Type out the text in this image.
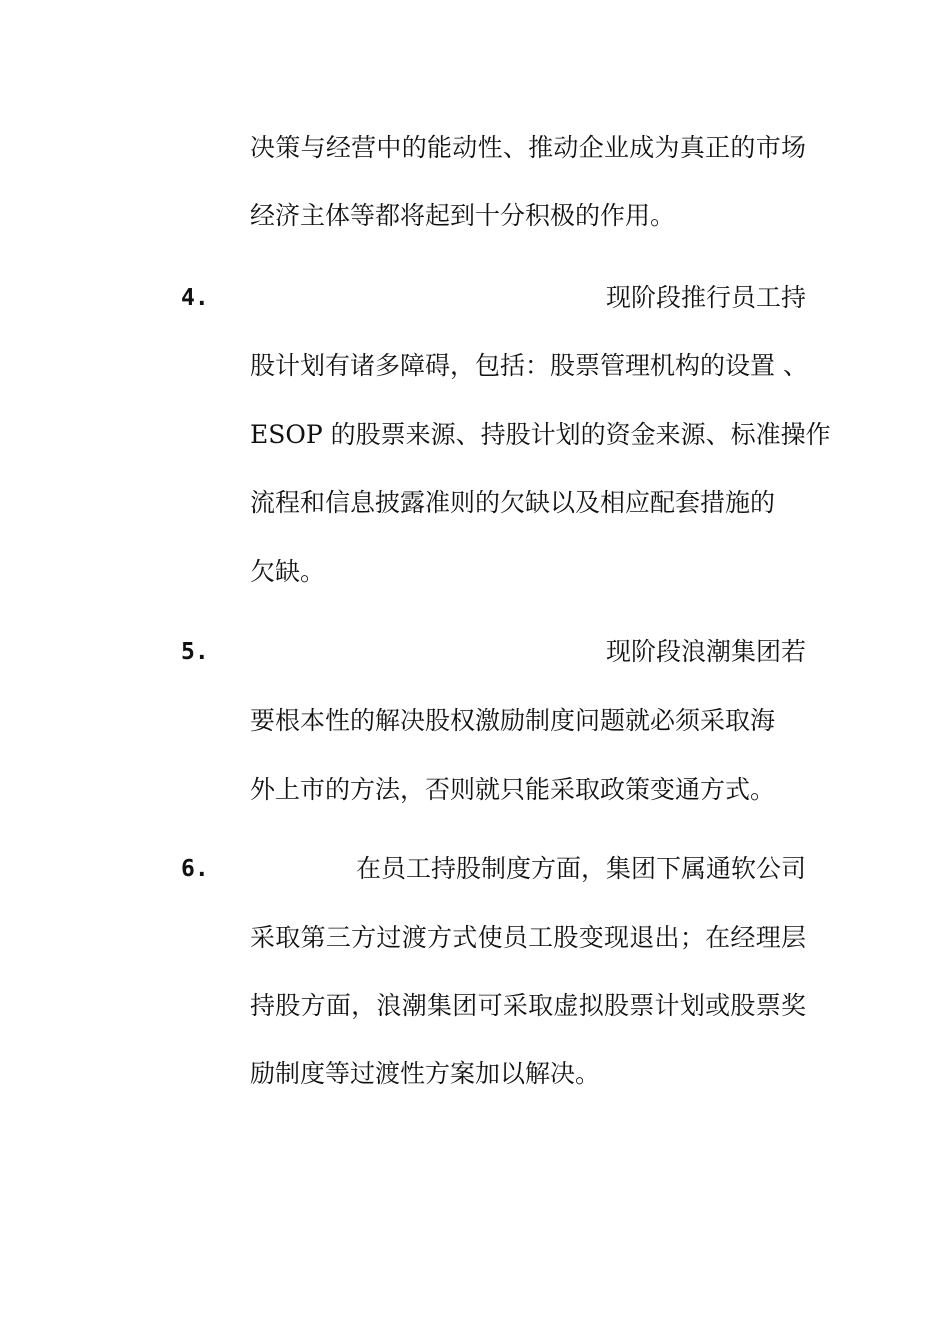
决策与经营中的能动性、推动企业成为真正的市场
经济主体等都将起到十分积极的作用。
4.	现阶段推行员工持
股计划有诸多障碍，包括：股票管理机构的设置 、
ESOP 的股票来源、持股计划的资金来源、标准操作
流程和信息披露准则的欠缺以及相应配套措施的
欠缺。
5.	现阶段浪潮集团若
要根本性的解决股权激励制度问题就必须采取海
外上市的方法，否则就只能采取政策变通方式。
6.	在员工持股制度方面，集团下属通软公司
采取第三方过渡方式使员工股变现退出；在经理层
持股方面，浪潮集团可采取虚拟股票计划或股票奖
励制度等过渡性方案加以解决。
